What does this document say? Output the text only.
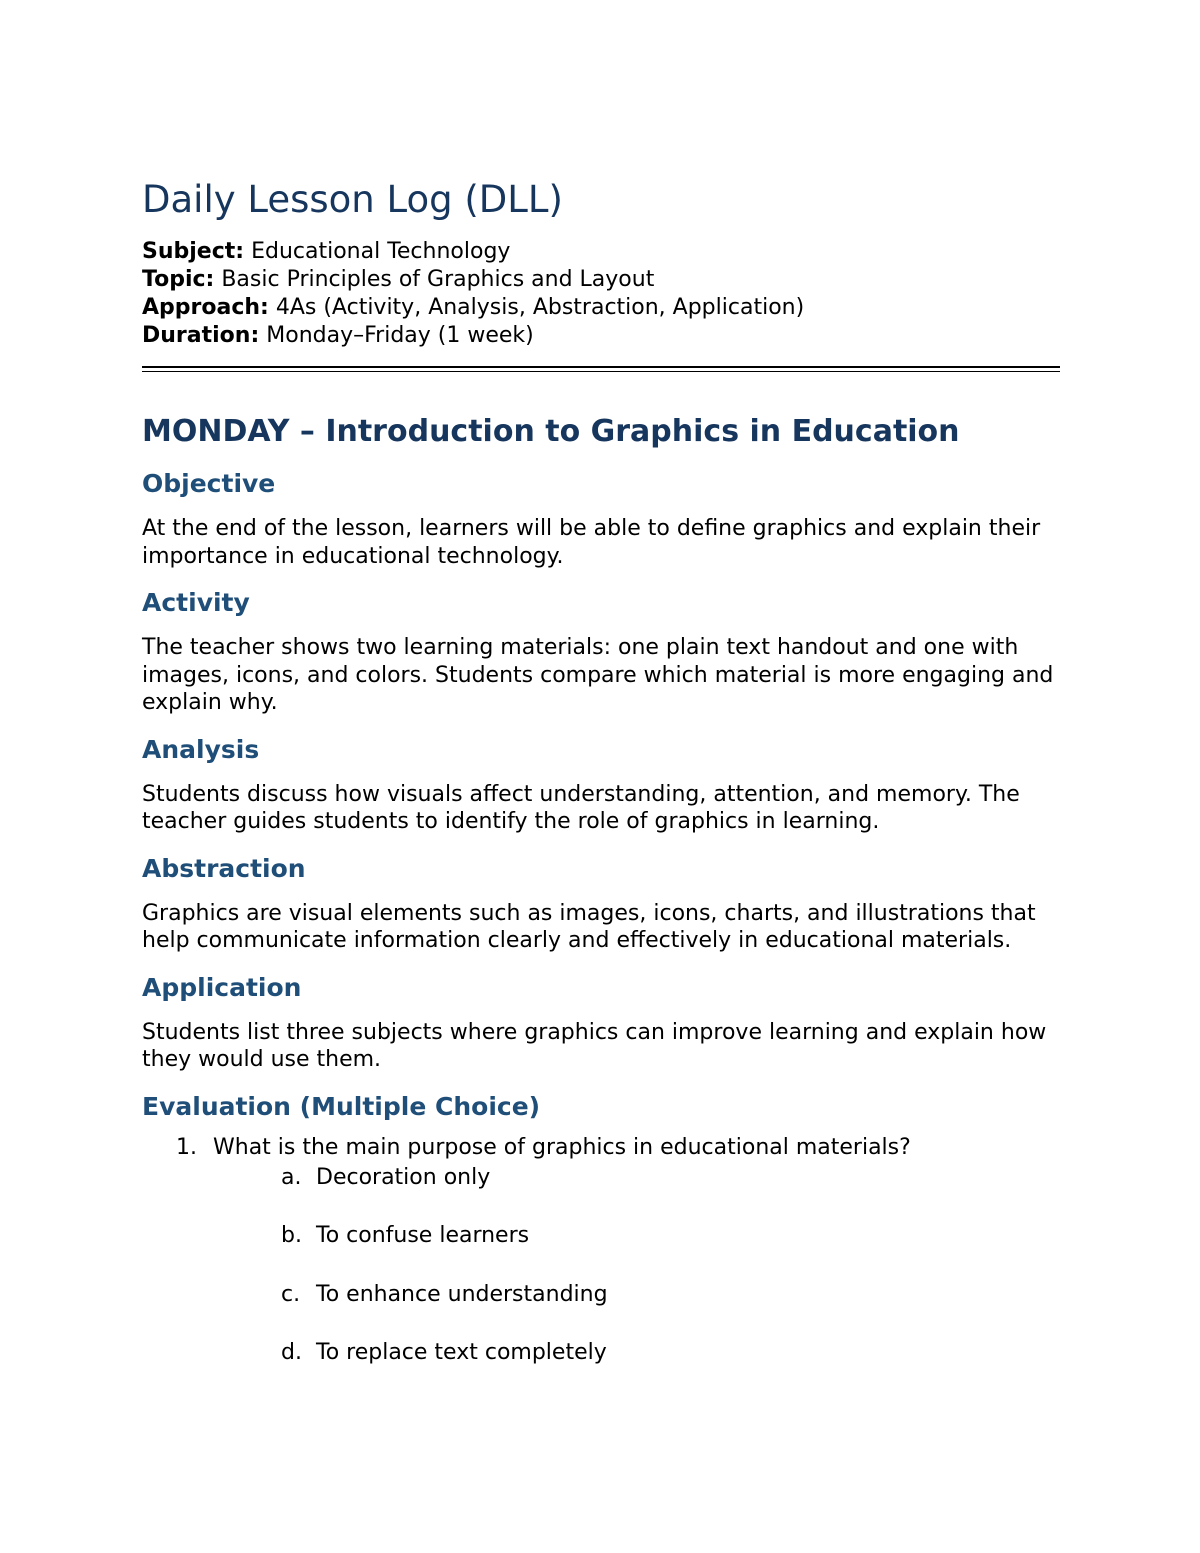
Daily Lesson Log (DLL)
Subject: Educational Technology
Topic: Basic Principles of Graphics and Layout
Approach: 4As (Activity, Analysis, Abstraction, Application)
Duration: Monday–Friday (1 week)
MONDAY – Introduction to Graphics in Education
Objective

At the end of the lesson, learners will be able to define graphics and explain their importance in educational technology.

Activity

The teacher shows two learning materials: one plain text handout and one with images, icons, and colors. Students compare which material is more engaging and explain why.

Analysis

Students discuss how visuals affect understanding, attention, and memory. The teacher guides students to identify the role of graphics in learning.

Abstraction

Graphics are visual elements such as images, icons, charts, and illustrations that help communicate information clearly and effectively in educational materials.

Application

Students list three subjects where graphics can improve learning and explain how they would use them.

Evaluation (Multiple Choice)
1. What is the main purpose of graphics in educational materials?
a. Decoration only
b. To confuse learners
c. To enhance understanding
d. To replace text completely
